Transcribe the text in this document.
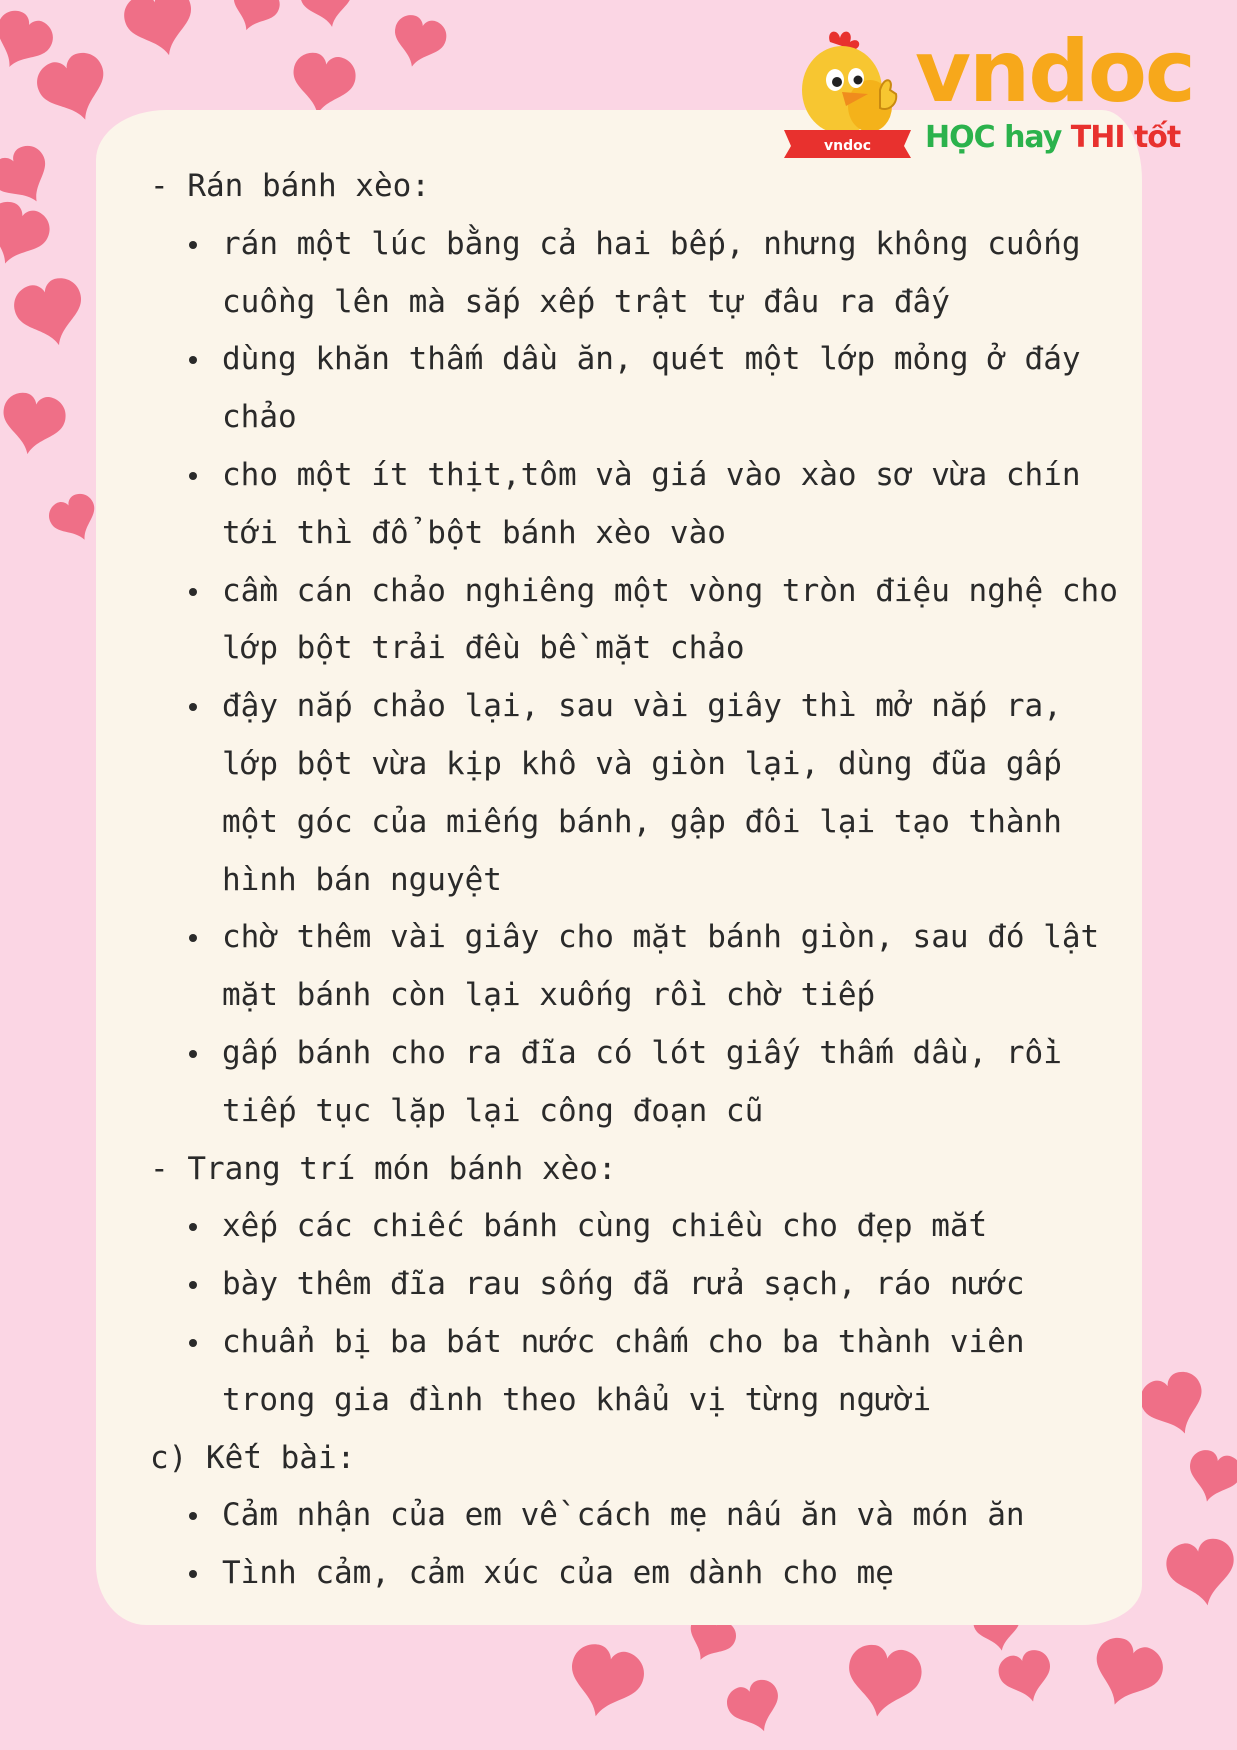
vndoc
vndoc
HỌC hay THI tốt

- Rán bánh xèo:

rán một lúc bằng cả hai bếp, nhưng không cuống cuồng lên mà sắp xếp trật tự đâu ra đấy
dùng khăn thấm dầu ăn, quét một lớp mỏng ở đáy chảo
cho một ít thịt,tôm và giá vào xào sơ vừa chín tới thì đổ bột bánh xèo vào
cầm cán chảo nghiêng một vòng tròn điệu nghệ cho lớp bột trải đều bề mặt chảo
đậy nắp chảo lại, sau vài giây thì mở nắp ra, lớp bột vừa kịp khô và giòn lại, dùng đũa gấp một góc của miếng bánh, gập đôi lại tạo thành hình bán nguyệt
chờ thêm vài giây cho mặt bánh giòn, sau đó lật mặt bánh còn lại xuống rồi chờ tiếp
gấp bánh cho ra đĩa có lót giấy thấm dầu, rồi tiếp tục lặp lại công đoạn cũ

- Trang trí món bánh xèo:

xếp các chiếc bánh cùng chiều cho đẹp mắt
bày thêm đĩa rau sống đã rửa sạch, ráo nước
chuẩn bị ba bát nước chấm cho ba thành viên trong gia đình theo khẩu vị từng người

c) Kết bài:

Cảm nhận của em về cách mẹ nấu ăn và món ăn
Tình cảm, cảm xúc của em dành cho mẹ
